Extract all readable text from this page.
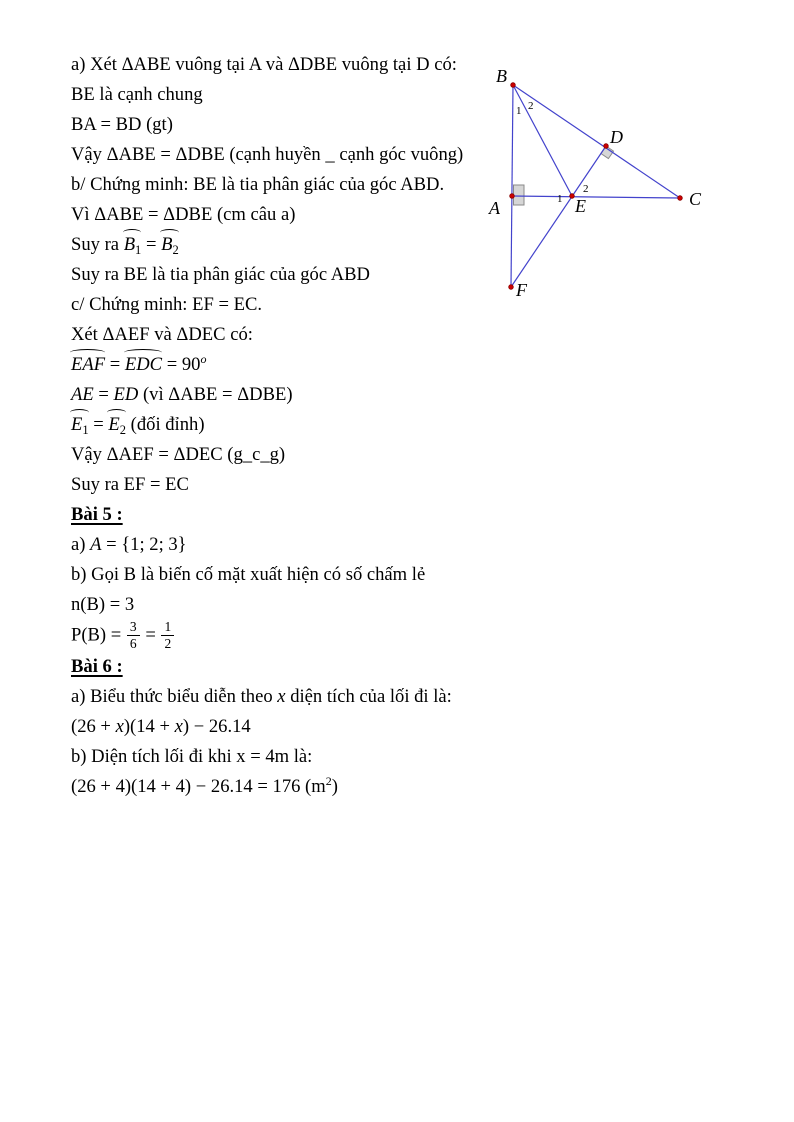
a) Xét ΔABE vuông tại A và ΔDBE vuông tại D có:
BE là cạnh chung
BA = BD (gt)
Vậy ΔABE = ΔDBE (cạnh huyền _ cạnh góc vuông)
b/ Chứng minh: BE là tia phân giác của góc ABD.
Vì ΔABE = ΔDBE (cm câu a)
Suy ra $B_1 = B_2$
Suy ra BE là tia phân giác của góc ABD
c/ Chứng minh: EF = EC.
Xét ΔAEF và ΔDEC có:
EAF = EDC = $90^o$
AE = ED (vì ΔABE = ΔDBE)
$E_1 = E_2$ (đối đỉnh)
Vậy ΔAEF = ΔDEC (g_c_g)
Suy ra EF = EC
Bài 5 :
a) A = {1; 2; 3}
b) Gọi B là biến cố mặt xuất hiện có số chấm lẻ
n(B) = 3
$P(B) = \frac{3}{6} = \frac{1}{2}$
Bài 6 :
a) Biểu thức biểu diễn theo x diện tích của lối đi là:
(26 + x)(14 + x) − 26.14
b) Diện tích lối đi khi x = 4m là:
(26 + 4)(14 + 4) − 26.14 = 176 $(m^2)$
B
D
A	E	C
F
1 2
1
2
